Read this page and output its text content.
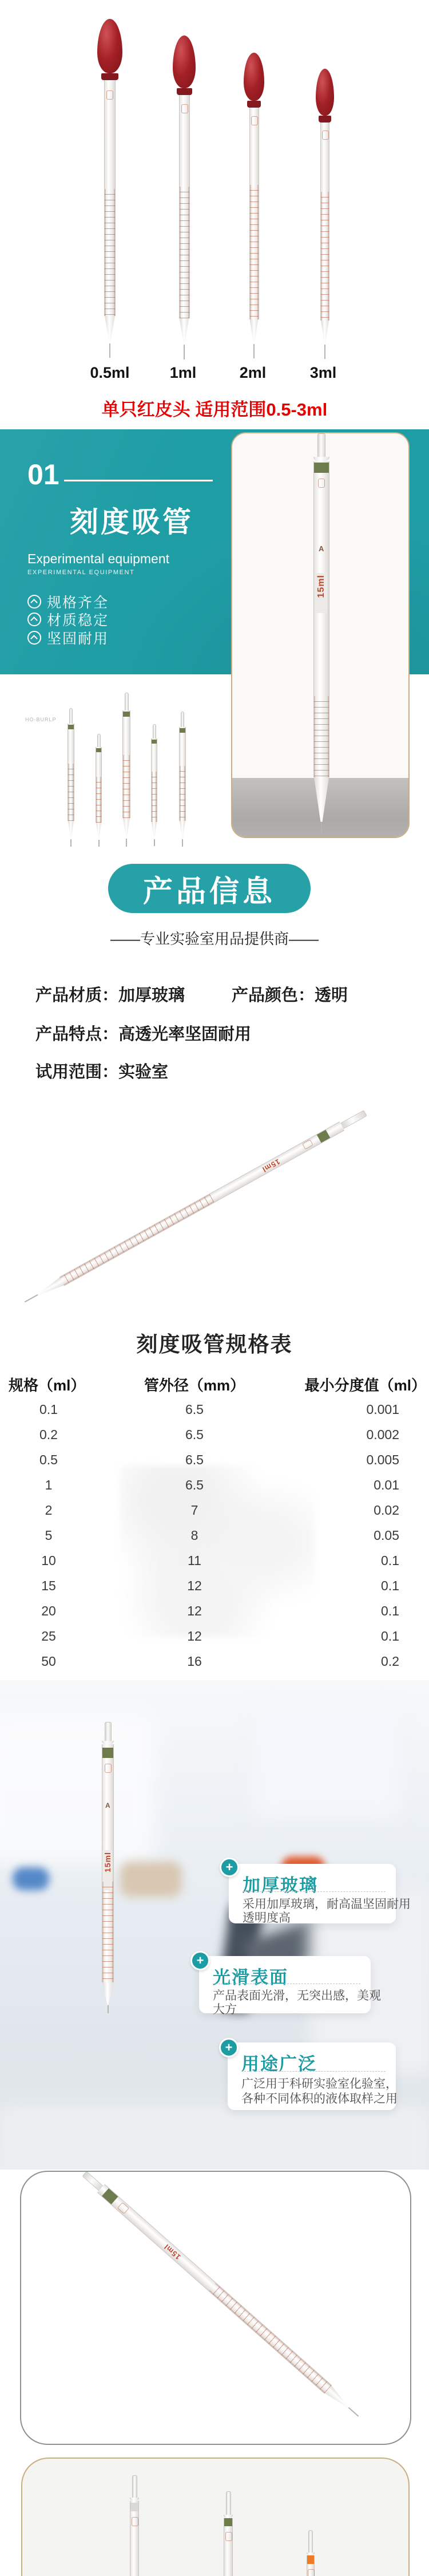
0.5ml	1ml	2ml	3ml
单只红皮头 适用范围0.5-3ml
01
刻度吸管
Experimental equipment
EXPERIMENTAL EQUIPMENT
规格齐全
材质稳定
坚固耐用
A
15ml
HO-BURLP
产品信息
——专业实验室用品提供商——
产品材质：加厚玻璃	产品颜色：透明
产品特点：高透光率坚固耐用
试用范围：实验室
15ml
刻度吸管规格表
规格（ml）	管外径（mm）	最小分度值（ml）
0.1	6.5	0.001
0.2	6.5	0.002
0.5	6.5	0.005
1	6.5	0.01
2	7	0.02
5	8	0.05
10	11	0.1
15	12	0.1
20	12	0.1
25	12	0.1
50	16	0.2
A
15ml
加厚玻璃
采用加厚玻璃，耐高温坚固耐用
透明度高
+
光滑表面
产品表面光滑，无突出感，美观
大方
+
用途广泛
广泛用于科研实验室化验室，
各种不同体积的液体取样之用
+
15ml
